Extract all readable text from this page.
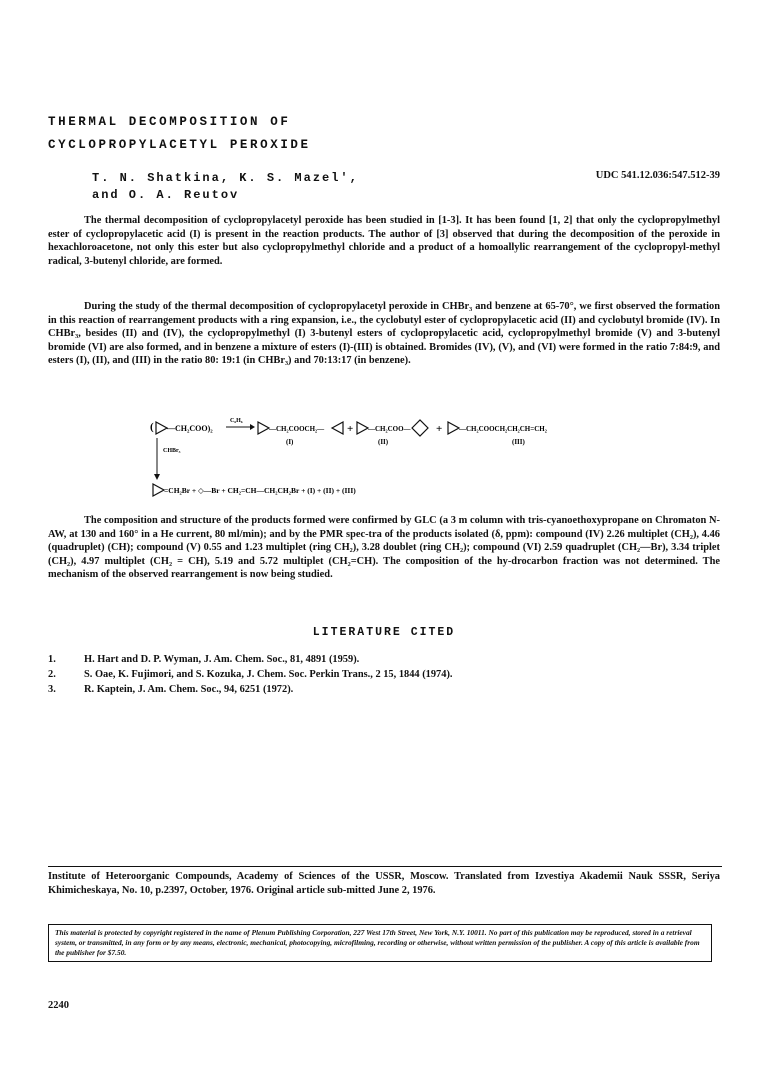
THERMAL DECOMPOSITION OF
CYCLOPROPYLACETYL PEROXIDE
T. N. Shatkina, K. S. Mazel',
and O. A. Reutov
UDC 541.12.036:547.512-39

The thermal decomposition of cyclopropylacetyl peroxide has been studied in [1-3]. It has been found [1, 2] that only the cyclopropylmethyl ester of cyclopropylacetic acid (I) is present in the reaction products. The author of [3] observed that during the decomposition of the peroxide in hexachloroacetone, not only this ester but also cyclopropylmethyl chloride and a product of a homoallylic rearrangement of the cyclopropyl-methyl radical, 3-butenyl chloride, are formed.

During the study of the thermal decomposition of cyclopropylacetyl peroxide in CHBr₃ and benzene at 65-70°, we first observed the formation in this reaction of rearrangement products with a ring expansion, i.e., the cyclobutyl ester of cyclopropylacetic acid (II) and cyclobutyl bromide (IV). In CHBr₃, besides (II) and (IV), the cyclopropylmethyl (I) 3-butenyl esters of cyclopropylacetic acid, cyclopropylmethyl bromide (V) and 3-butenyl bromide (VI) are also formed, and in benzene a mixture of esters (I)-(III) is obtained. Bromides (IV), (V), and (VI) were formed in the ratio 7:84:9, and esters (I), (II), and (III) in the ratio 80: 19:1 (in CHBr₃) and 70:13:17 (in benzene).

( —CH₂COO)₂
C₆H₆
—CH₂COOCH₂— + —CH₂COO— + —CH₂COOCH₂CH₂CH=CH₂
(I)	(II)	(III)
CHBr₃
=CH₂Br + ◇—Br + CH₂=CH—CH₂CH₂Br + (I) + (II) + (III)

The composition and structure of the products formed were confirmed by GLC (a 3 m column with tris-cyanoethoxypropane on Chromaton N-AW, at 130 and 160° in a He current, 80 ml/min); and by the PMR spec-tra of the products isolated (δ, ppm): compound (IV) 2.26 multiplet (CH₂), 4.46 (quadruplet) (CH); compound (V) 0.55 and 1.23 multiplet (ring CH₂), 3.28 doublet (ring CH₂); compound (VI) 2.59 quadruplet (CH₂—Br), 3.34 triplet (CH₂), 4.97 multiplet (CH₂ = CH), 5.19 and 5.72 multiplet (CH₂=CH). The composition of the hy-drocarbon fraction was not determined. The mechanism of the observed rearrangement is now being studied.

LITERATURE CITED
1.	H. Hart and D. P. Wyman, J. Am. Chem. Soc., 81, 4891 (1959).
2.	S. Oae, K. Fujimori, and S. Kozuka, J. Chem. Soc. Perkin Trans., 2 15, 1844 (1974).
3.	R. Kaptein, J. Am. Chem. Soc., 94, 6251 (1972).

Institute of Heteroorganic Compounds, Academy of Sciences of the USSR, Moscow. Translated from Izvestiya Akademii Nauk SSSR, Seriya Khimicheskaya, No. 10, p.2397, October, 1976. Original article sub-mitted June 2, 1976.

This material is protected by copyright registered in the name of Plenum Publishing Corporation, 227 West 17th Street, New York, N.Y. 10011. No part of this publication may be reproduced, stored in a retrieval system, or transmitted, in any form or by any means, electronic, mechanical, photocopying, microfilming, recording or otherwise, without written permission of the publisher. A copy of this article is available from the publisher for $7.50.
2240
